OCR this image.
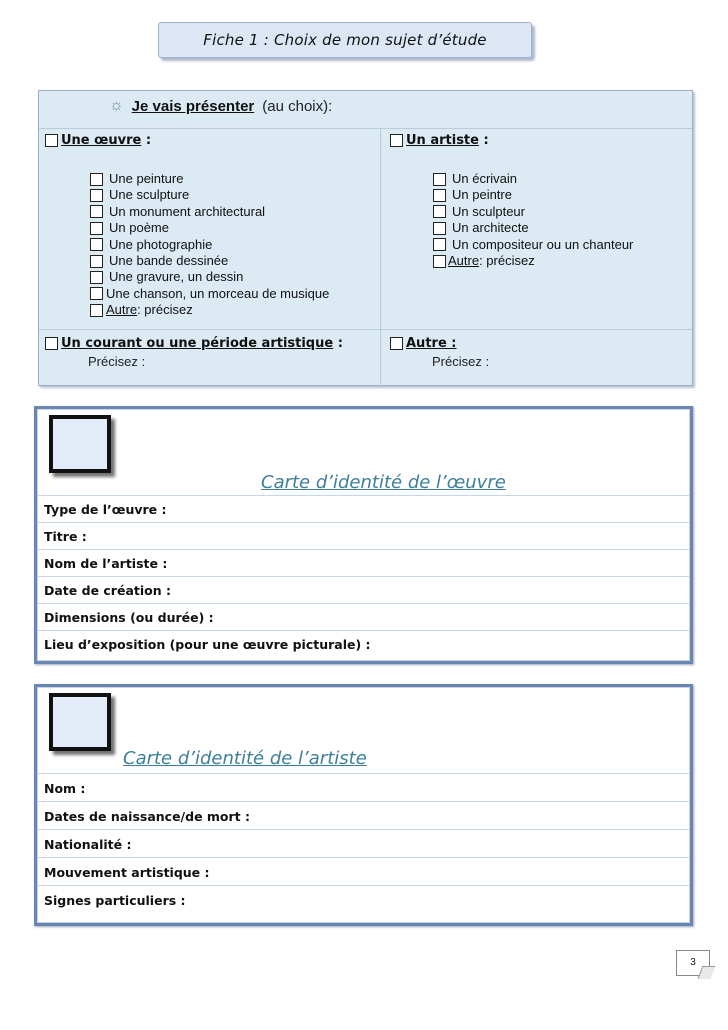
Fiche 1 : Choix de mon sujet d’étude
☼ Je vais présenter (au choix):
Une œuvre
:
Une peinture
Une sculpture
Un monument architectural
Un poème
Une photographie
Une bande dessinée
Une gravure, un dessin
Une chanson, un morceau de musique
Autre : précisez
Un artiste
:
Un écrivain
Un peintre
Un sculpteur
Un architecte
Un compositeur ou un chanteur
Autre : précisez
Un courant ou une période artistique
:
Précisez :
Autre :
Précisez :
Carte d’identité de l’œuvre
Type de l’œuvre :
Titre :
Nom de l’artiste :
Date de création :
Dimensions (ou durée) :
Lieu d’exposition (pour une œuvre picturale) :
Carte d’identité de l’artiste
Nom :
Dates de naissance/de mort :
Nationalité :
Mouvement artistique :
Signes particuliers :
3
